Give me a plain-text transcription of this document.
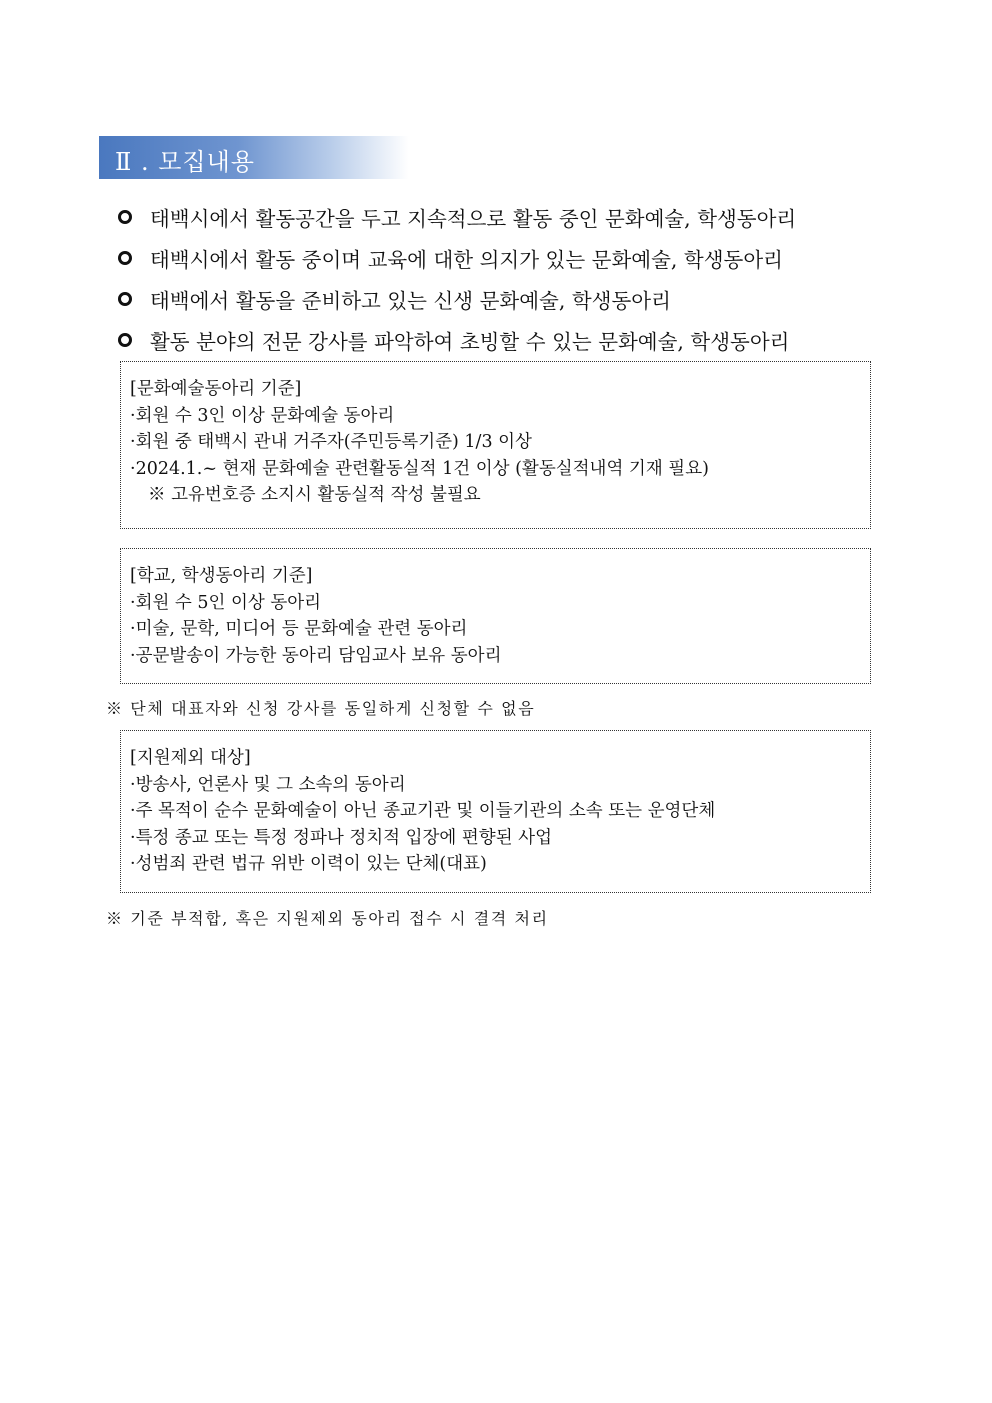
Ⅱ . 모집내용
태백시에서 활동공간을 두고 지속적으로 활동 중인 문화예술, 학생동아리
태백시에서 활동 중이며 교육에 대한 의지가 있는 문화예술, 학생동아리
태백에서 활동을 준비하고 있는 신생 문화예술, 학생동아리
활동 분야의 전문 강사를 파악하여 초빙할 수 있는 문화예술, 학생동아리

[문화예술동아리 기준]

·회원 수 3인 이상 문화예술 동아리

·회원 중 태백시 관내 거주자(주민등록기준) 1/3 이상

·2024.1.~ 현재 문화예술 관련활동실적 1건 이상 (활동실적내역 기재 필요)

※ 고유번호증 소지시 활동실적 작성 불필요

[학교, 학생동아리 기준]

·회원 수 5인 이상 동아리

·미술, 문학, 미디어 등 문화예술 관련 동아리

·공문발송이 가능한 동아리 담임교사 보유 동아리

※ 단체 대표자와 신청 강사를 동일하게 신청할 수 없음

[지원제외 대상]

·방송사, 언론사 및 그 소속의 동아리

·주 목적이 순수 문화예술이 아닌 종교기관 및 이들기관의 소속 또는 운영단체

·특정 종교 또는 특정 정파나 정치적 입장에 편향된 사업

·성범죄 관련 법규 위반 이력이 있는 단체(대표)

※ 기준 부적합, 혹은 지원제외 동아리 접수 시 결격 처리
